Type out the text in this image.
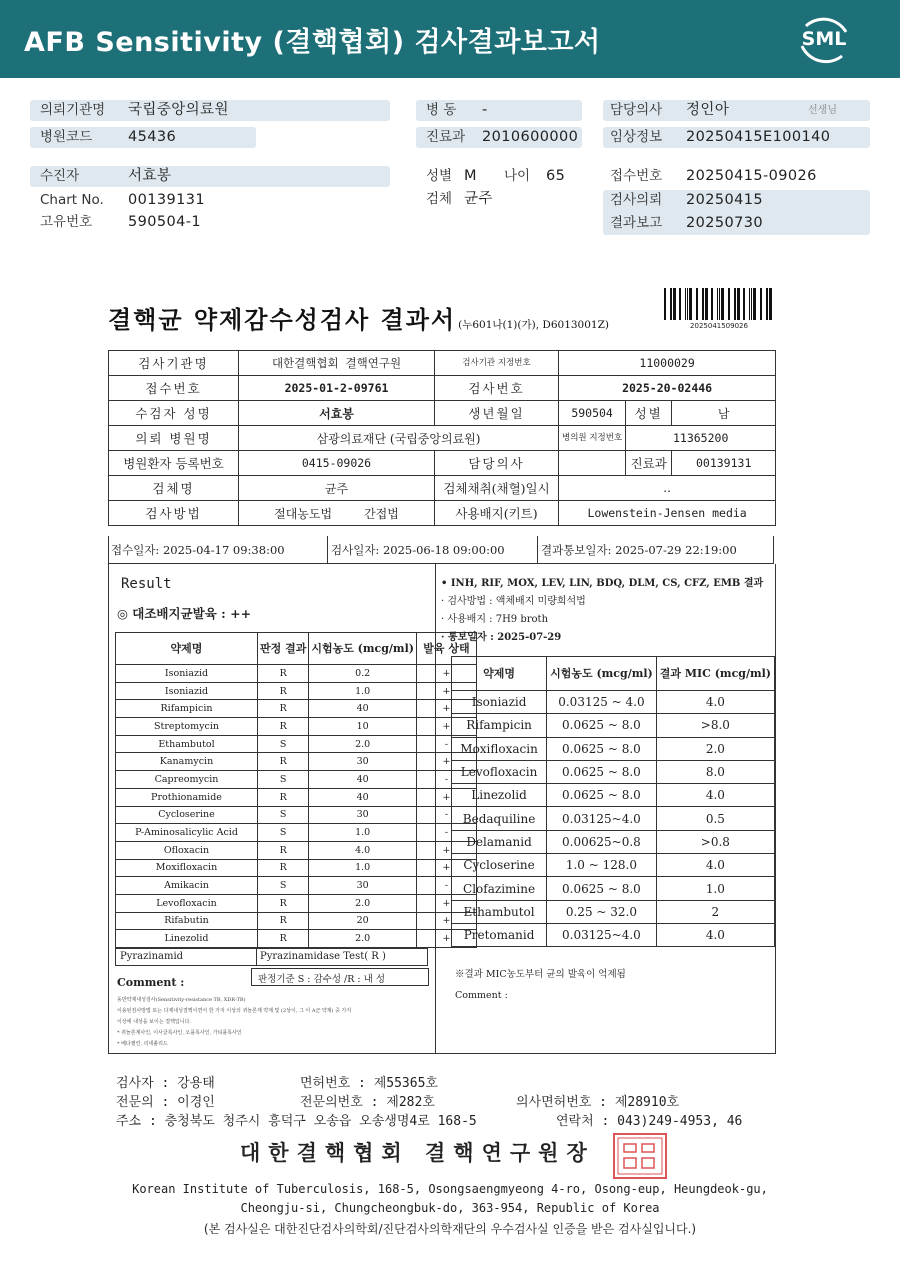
AFB Sensitivity (결핵협회) 검사결과보고서	SML
의뢰기관명 국립중앙의료원
병원코드 45436
병 동 -
진료과 2010600000
담당의사 정인아	선생님
임상정보 20250415E100140
수진자	서효봉
Chart No. 00139131
고유번호 590504-1
성별 M 나이 65
검체 균주
접수번호 20250415-09026
검사의뢰 20250415
결과보고 20250730
결핵균 약제감수성검사 결과서 (누601나(1)(가), D6013001Z)	2025041509026
검사기관명	대한결핵협회 결핵연구원	검사기관 지정번호	11000029		
접수번호	2025-01-2-09761	검사번호	2025-20-02446		
수검자 성명	서효봉	생년월일	590504	성별	남
의뢰 병원명	삼광의료재단 (국립중앙의료원)		병의원 지정번호	11365200	
병원환자 등록번호	0415-09026	담당의사		진료과	00139131
검체명	균주	검체채취(채혈)일시	..		
검사방법	절대농도법 간접법	사용배지(키트)	Lowenstein-Jensen media		
접수일자: 2025-04-17 09:38:00	검사일자: 2025-06-18 09:00:00	결과통보일자: 2025-07-29 22:19:00
Result
◎ 대조배지균발육 : ++
약제명	판정 결과	시험농도 (mcg/ml)	발육 상태
Isoniazid	R	0.2	+
Isoniazid	R	1.0	+
Rifampicin	R	40	+
Streptomycin	R	10	+
Ethambutol	S	2.0	-
Kanamycin	R	30	+
Capreomycin	S	40	-
Prothionamide	R	40	+
Cycloserine	S	30	-
P-Aminosalicylic Acid	S	1.0	-
Ofloxacin	R	4.0	+
Moxifloxacin	R	1.0	+
Amikacin	S	30	-
Levofloxacin	R	2.0	+
Rifabutin	R	20	+
Linezolid	R	2.0	+
Pyrazinamid	Pyrazinamidase Test( R )
Comment :	판정기준 S : 감수성 /R : 내 성
동반약제내성검사(Sensitivity-resistance TB, XDR-TB)
이용된검사방법 또는 다제내성결핵이면서 한 가지 이상의 퀴놀론계 약제 및 (2상이, 그 이 A군 약제) 중 가지
이상에 내성을 보이는 결핵입니다.
* 퀴놀론계사인, 이사클록사인, 오플록사인, 가티플록사인
* 베다퀼린, 리네졸리드
• INH, RIF, MOX, LEV, LIN, BDQ, DLM, CS, CFZ, EMB 결과
· 검사방법 : 액체배지 미량희석법
· 사용배지 : 7H9 broth
· 통보일자 : 2025-07-29
약제명	시험농도 (mcg/ml)	결과 MIC (mcg/ml)
Isoniazid	0.03125 ~ 4.0	4.0
Rifampicin	0.0625 ~ 8.0	>8.0
Moxifloxacin	0.0625 ~ 8.0	2.0
Levofloxacin	0.0625 ~ 8.0	8.0
Linezolid	0.0625 ~ 8.0	4.0
Bedaquiline	0.03125~4.0	0.5
Delamanid	0.00625~0.8	>0.8
Cycloserine	1.0 ~ 128.0	4.0
Clofazimine	0.0625 ~ 8.0	1.0
Ethambutol	0.25 ~ 32.0	2
Pretomanid	0.03125~4.0	4.0
※결과 MIC농도부터 균의 발육이 억제됨
Comment :
검사자 : 강용태	면허번호 : 제55365호
전문의 : 이경인	전문의번호 : 제282호	의사면허번호 : 제28910호
주소 : 충청북도 청주시 흥덕구 오송읍 오송생명4로 168-5	연락처 : 043)249-4953, 46
대한결핵협회 결핵연구원장
Korean Institute of Tuberculosis, 168-5, Osongsaengmyeong 4-ro, Osong-eup, Heungdeok-gu,
Cheongju-si, Chungcheongbuk-do, 363-954, Republic of Korea
(본 검사실은 대한진단검사의학회/진단검사의학재단의 우수검사실 인증을 받은 검사실입니다.)
